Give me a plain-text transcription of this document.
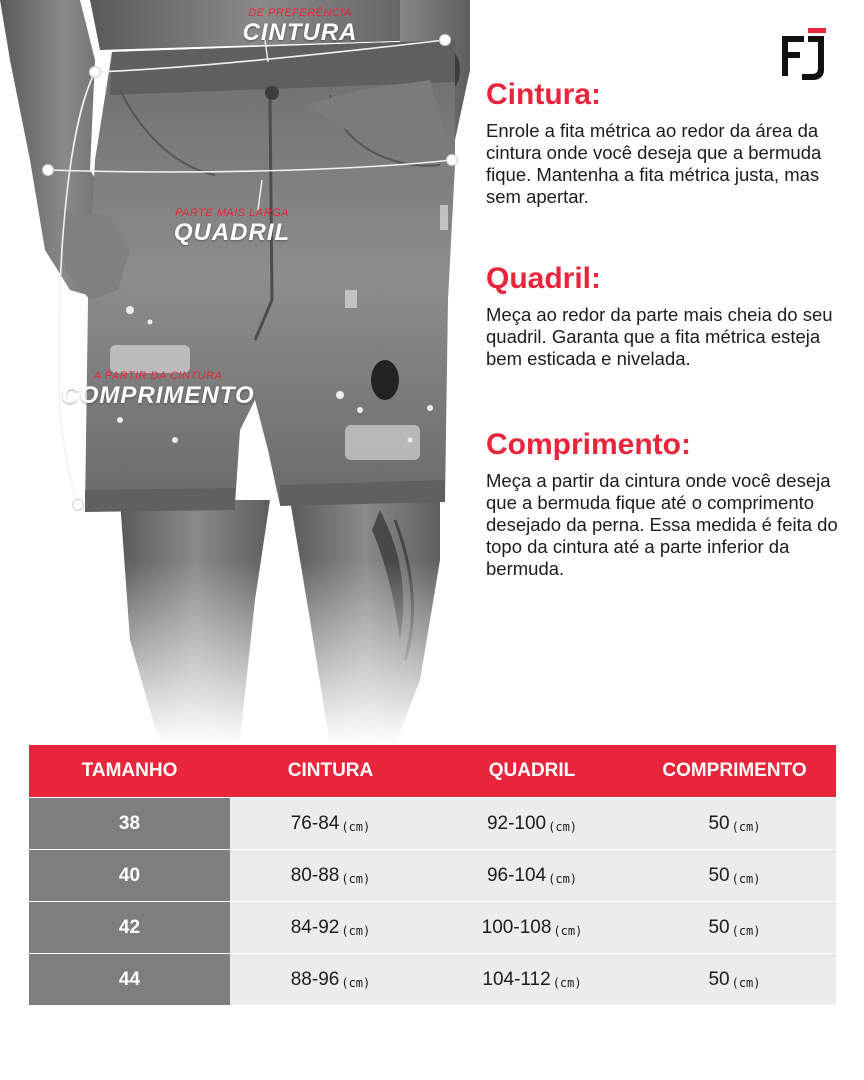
DE PREFERÊNCIA
CINTURA
PARTE MAIS LARGA
QUADRIL
A PARTIR DA CINTURA
COMPRIMENTO
Cintura:

Enrole a fita métrica ao redor da área da cintura onde você deseja que a bermuda fique. Mantenha a fita métrica justa, mas sem apertar.

Quadril:

Meça ao redor da parte mais cheia do seu quadril. Garanta que a fita métrica esteja bem esticada e nivelada.

Comprimento:

Meça a partir da cintura onde você deseja que a bermuda fique até o comprimento desejado da perna. Essa medida é feita do topo da cintura até a parte inferior da bermuda.

TAMANHO	CINTURA	QUADRIL	COMPRIMENTO
38	76-84 (cm)	92-100 (cm)	50 (cm)
40	80-88 (cm)	96-104 (cm)	50 (cm)
42	84-92 (cm)	100-108 (cm)	50 (cm)
44	88-96 (cm)	104-112 (cm)	50 (cm)
